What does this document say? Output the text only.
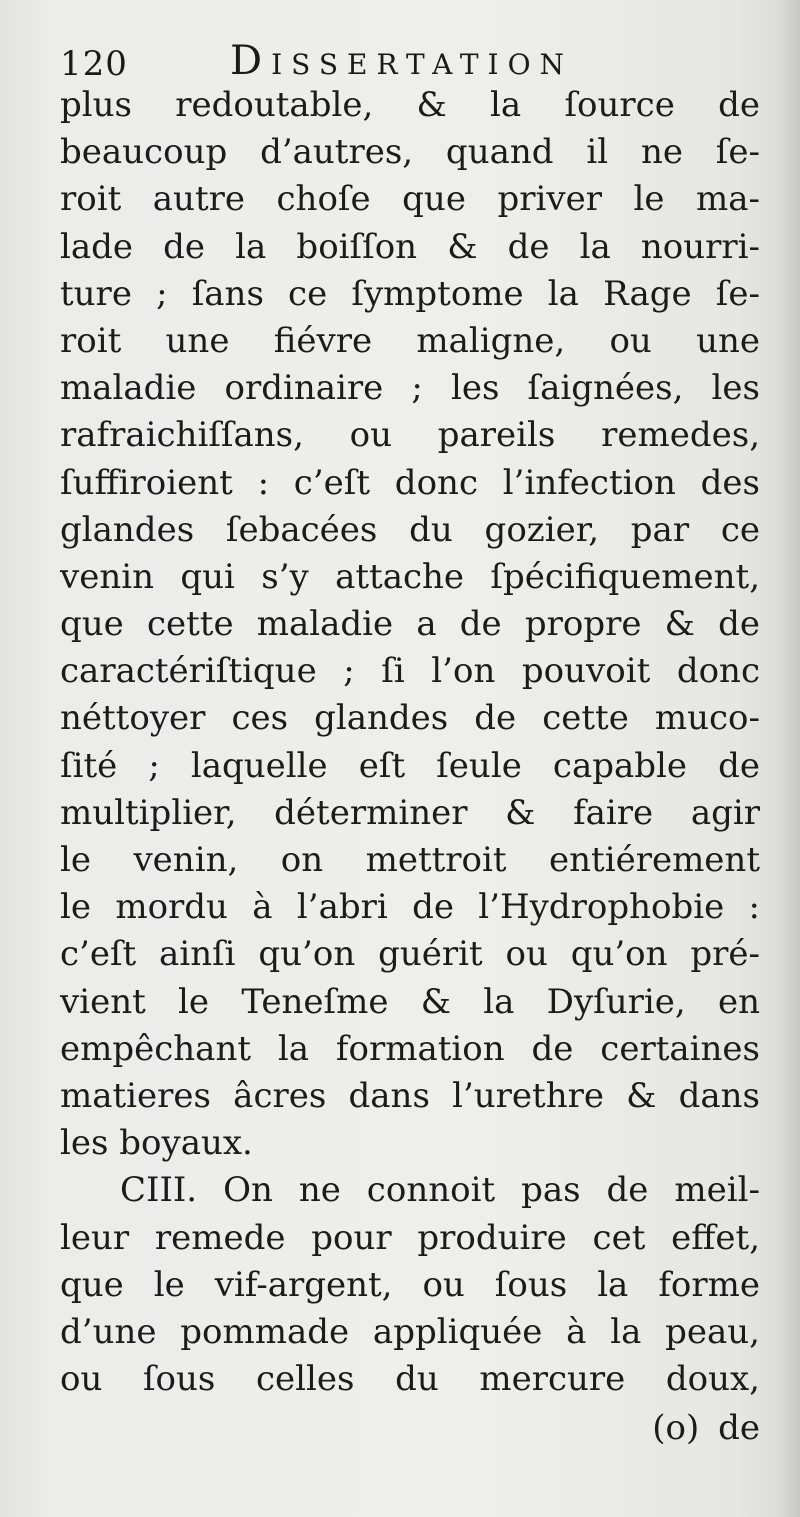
120	Dissertation
plus redoutable, & la ſource de
beaucoup d’autres, quand il ne ſe-
roit autre choſe que priver le ma-
lade de la boiſſon & de la nourri-
ture ; ſans ce ſymptome la Rage ſe-
roit une fiévre maligne, ou une
maladie ordinaire ; les ſaignées, les
rafraichiſſans, ou pareils remedes,
ſuffiroient : c’eſt donc l’infection des
glandes ſebacées du gozier, par ce
venin qui s’y attache ſpécifiquement,
que cette maladie a de propre & de
caractériſtique ; ſi l’on pouvoit donc
néttoyer ces glandes de cette muco-
ſité ; laquelle eſt ſeule capable de
multiplier, déterminer & faire agir
le venin, on mettroit entiérement
le mordu à l’abri de l’Hydrophobie :
c’eſt ainſi qu’on guérit ou qu’on pré-
vient le Teneſme & la Dyſurie, en
empêchant la formation de certaines
matieres âcres dans l’urethre & dans
les boyaux.
CIII. On ne connoit pas de meil-
leur remede pour produire cet effet,
que le vif-argent, ou ſous la forme
d’une pommade appliquée à la peau,
ou ſous celles du mercure doux,
(o) de
